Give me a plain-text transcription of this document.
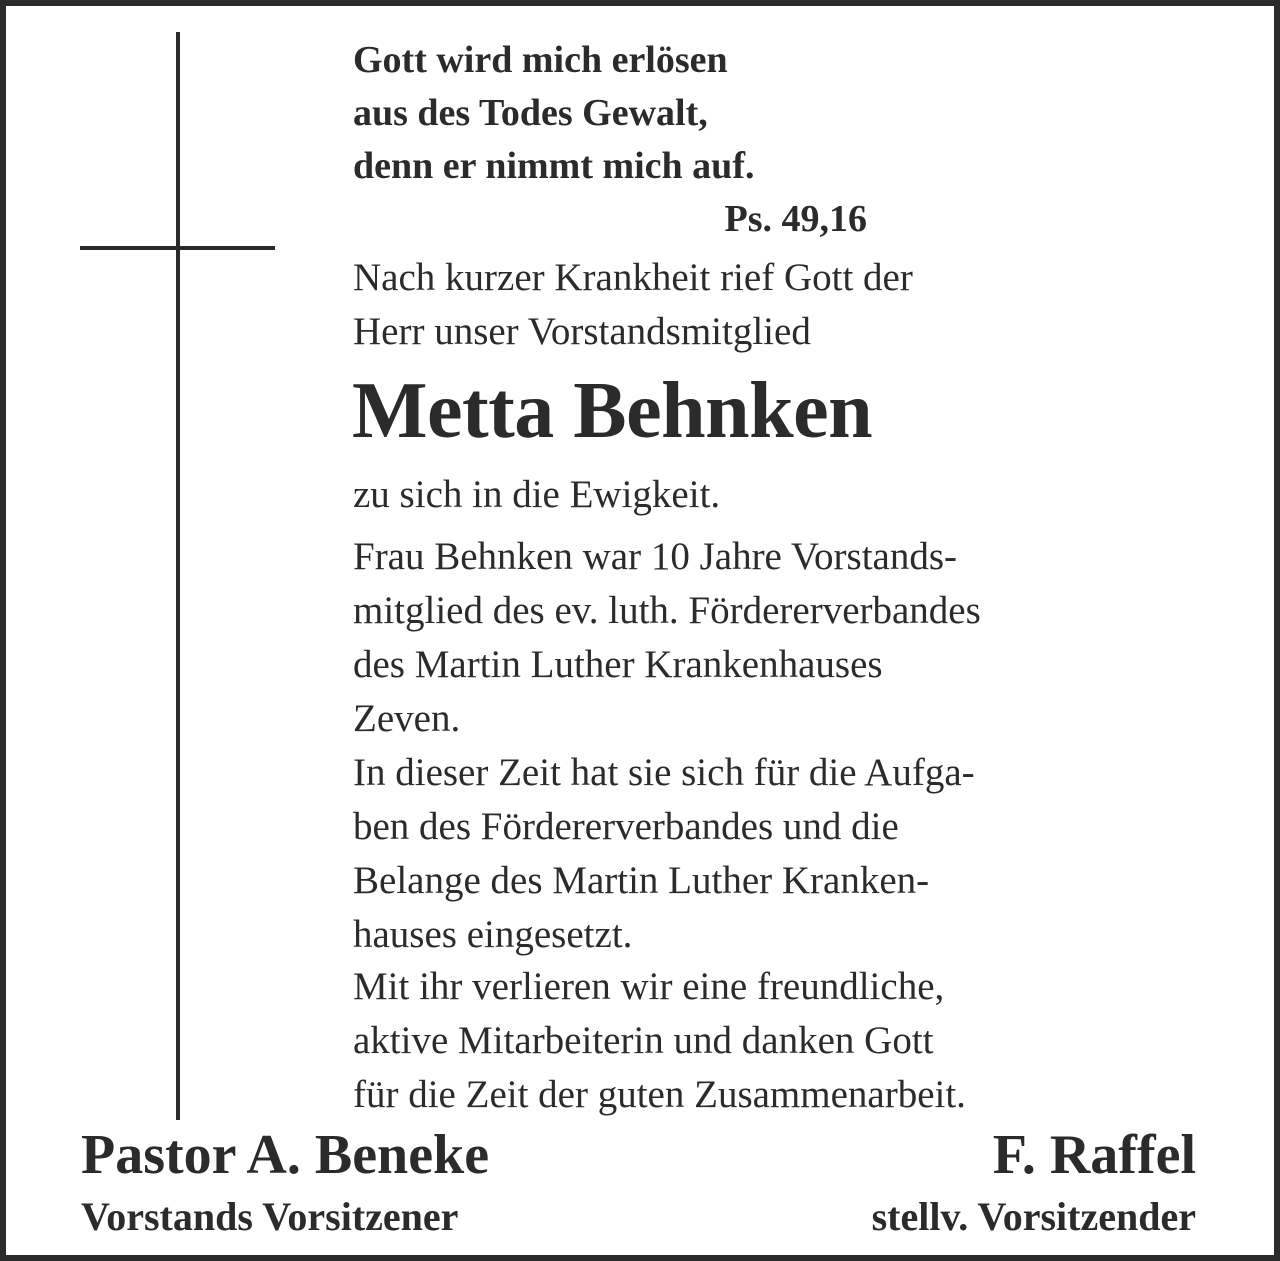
Gott wird mich erlösen
aus des Todes Gewalt,
denn er nimmt mich auf.
Ps. 49,16
Nach kurzer Krankheit rief Gott der
Herr unser Vorstandsmitglied
Metta Behnken
zu sich in die Ewigkeit.
Frau Behnken war 10 Jahre Vorstands-
mitglied des ev. luth. Fördererverbandes
des Martin Luther Krankenhauses
Zeven.
In dieser Zeit hat sie sich für die Aufga-
ben des Fördererverbandes und die
Belange des Martin Luther Kranken-
hauses eingesetzt.
Mit ihr verlieren wir eine freundliche,
aktive Mitarbeiterin und danken Gott
für die Zeit der guten Zusammenarbeit.
Pastor A. Beneke
Vorstands Vorsitzener
F. Raffel
stellv. Vorsitzender
